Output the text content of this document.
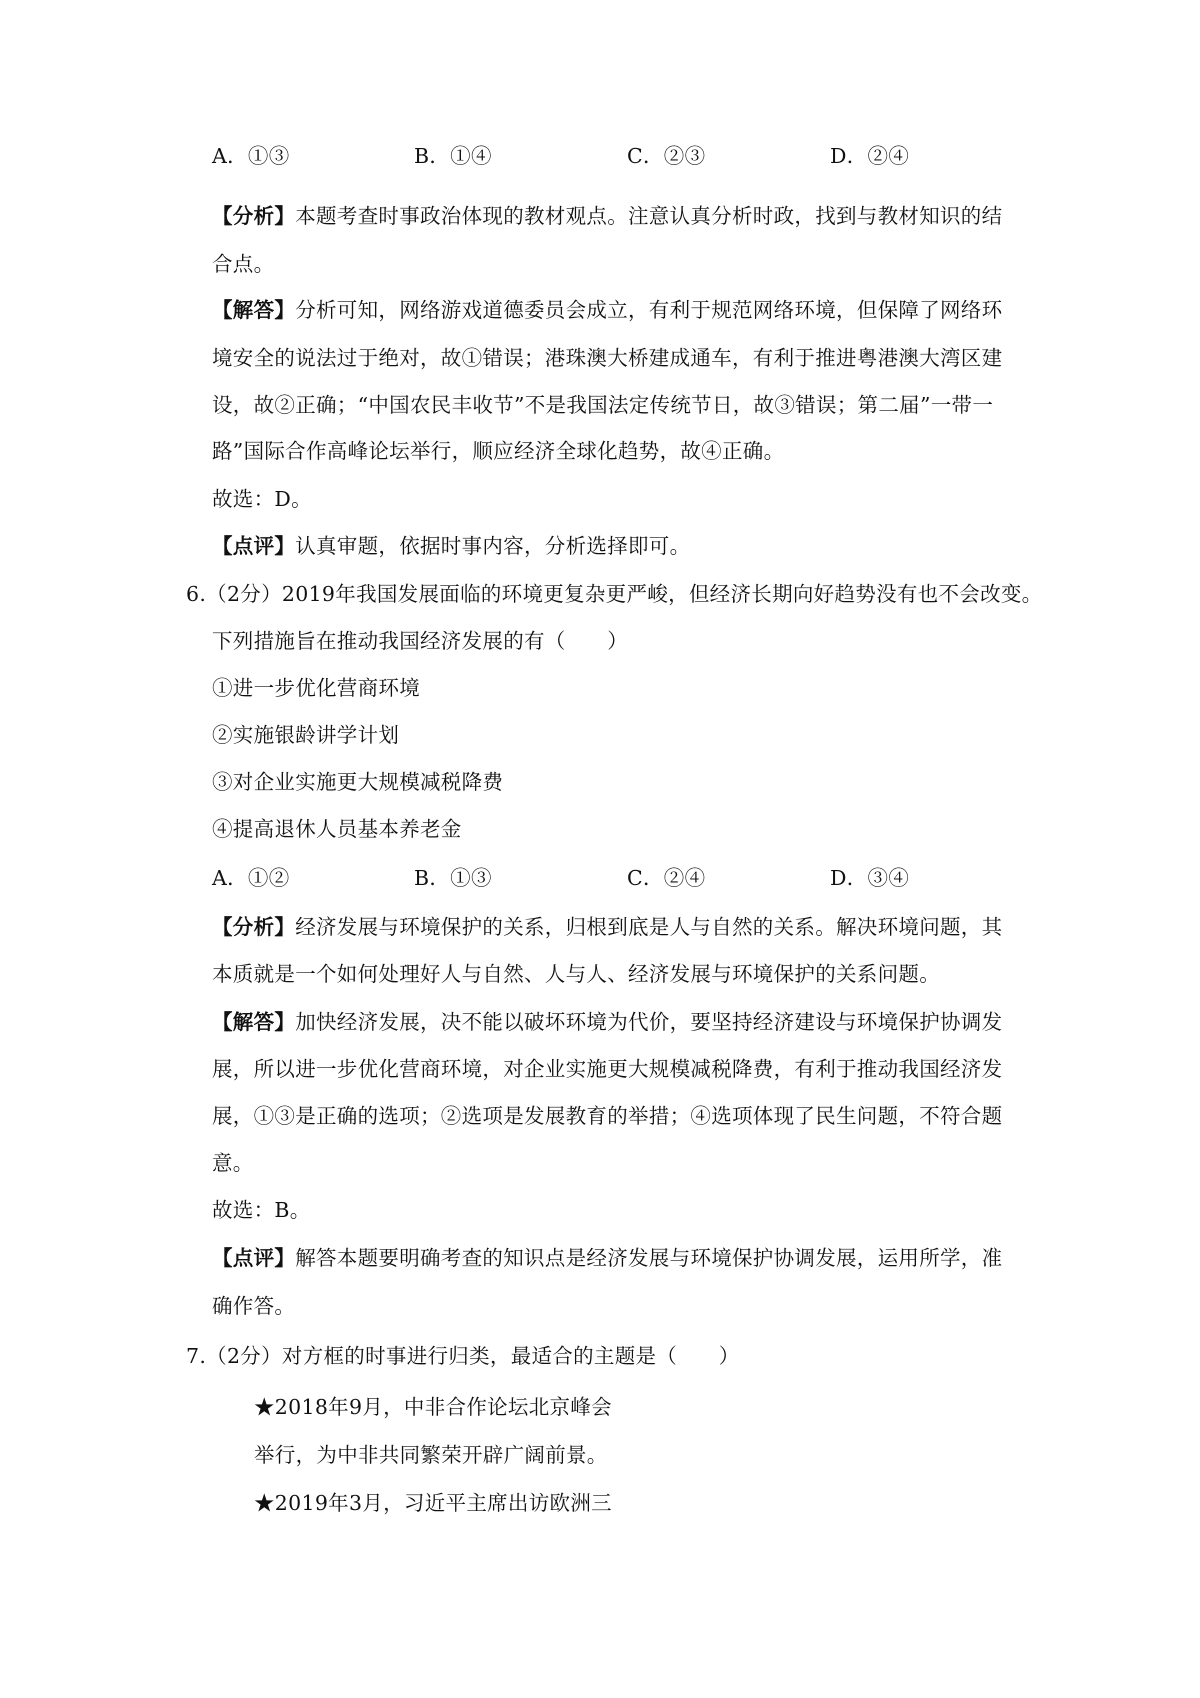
A．①③	B．①④	C．②③	D．②④
【分析】本题考查时事政治体现的教材观点。注意认真分析时政，找到与教材知识的结
合点。
【解答】分析可知，网络游戏道德委员会成立，有利于规范网络环境，但保障了网络环
境安全的说法过于绝对，故①错误；港珠澳大桥建成通车，有利于推进粤港澳大湾区建
设，故②正确；“中国农民丰收节”不是我国法定传统节日，故③错误；第二届”一带一
路”国际合作高峰论坛举行，顺应经济全球化趋势，故④正确。
故选：D。
【点评】认真审题，依据时事内容，分析选择即可。
6.（2分）2019年我国发展面临的环境更复杂更严峻，但经济长期向好趋势没有也不会改变。
下列措施旨在推动我国经济发展的有（　　）
①进一步优化营商环境
②实施银龄讲学计划
③对企业实施更大规模减税降费
④提高退休人员基本养老金
A．①②	B．①③	C．②④	D．③④
【分析】经济发展与环境保护的关系，归根到底是人与自然的关系。解决环境问题，其
本质就是一个如何处理好人与自然、人与人、经济发展与环境保护的关系问题。
【解答】加快经济发展，决不能以破坏环境为代价，要坚持经济建设与环境保护协调发
展，所以进一步优化营商环境，对企业实施更大规模减税降费，有利于推动我国经济发
展，①③是正确的选项；②选项是发展教育的举措；④选项体现了民生问题，不符合题
意。
故选：B。
【点评】解答本题要明确考查的知识点是经济发展与环境保护协调发展，运用所学，准
确作答。
7.（2分）对方框的时事进行归类，最适合的主题是（　　）
★2018年9月，中非合作论坛北京峰会
举行，为中非共同繁荣开辟广阔前景。
★2019年3月，习近平主席出访欧洲三
